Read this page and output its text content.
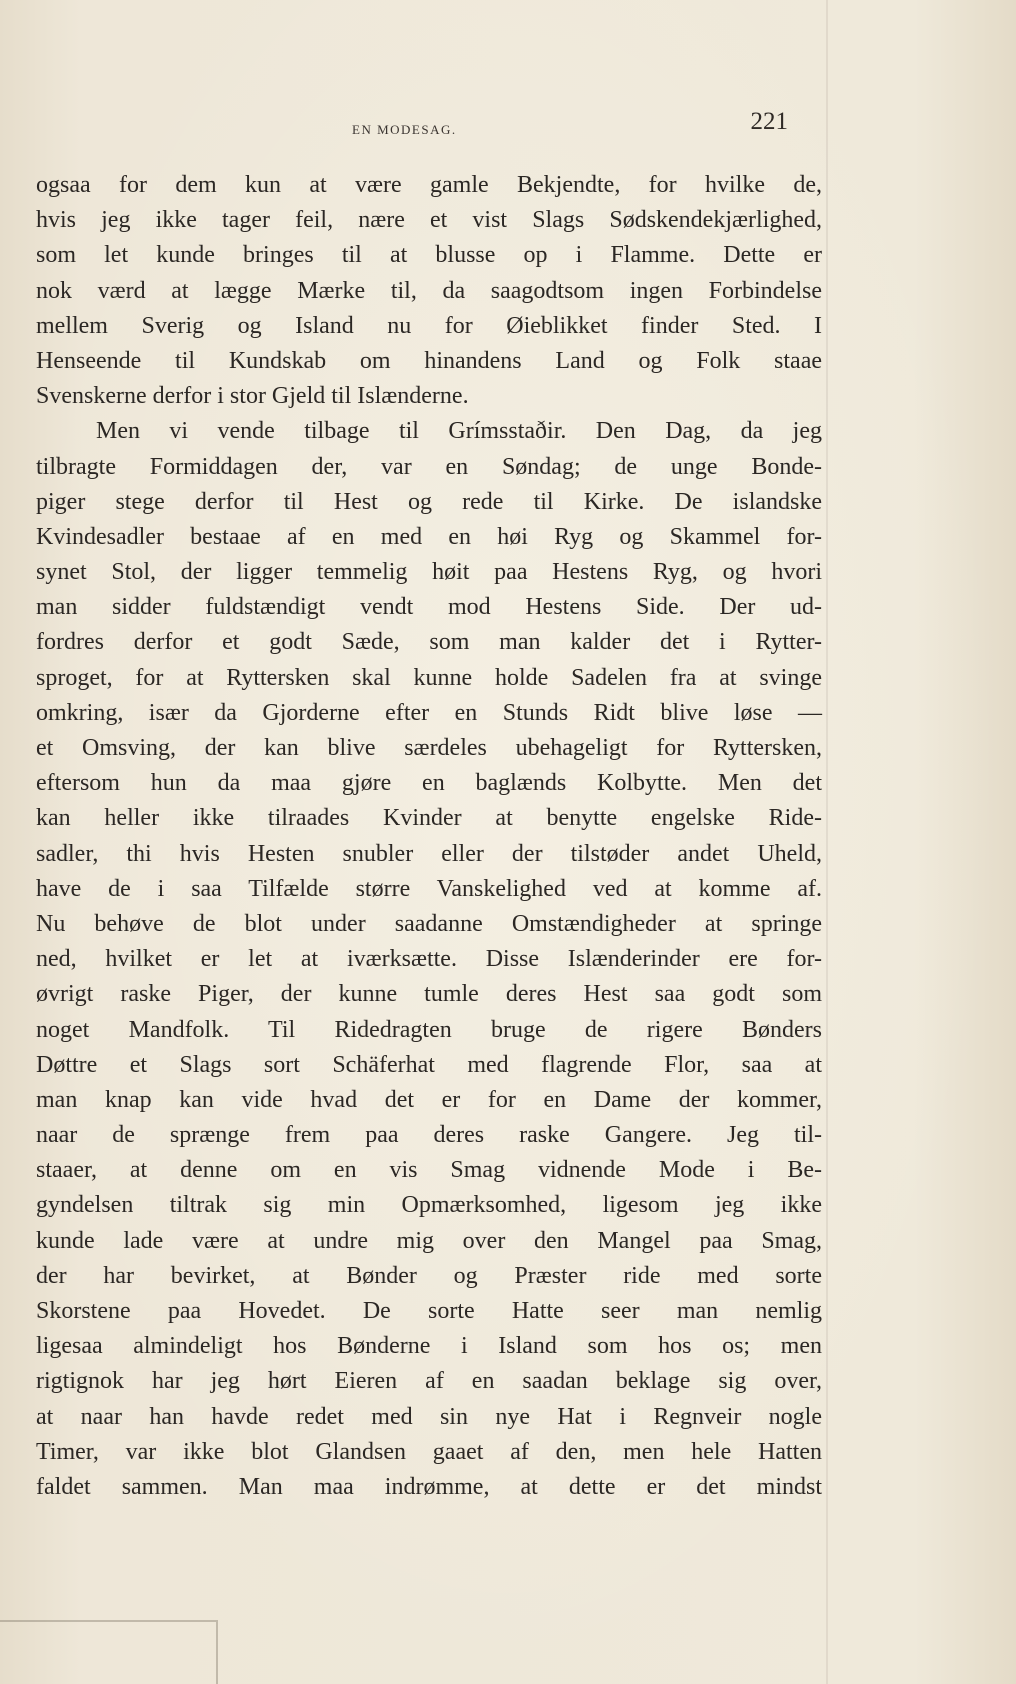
EN MODESAG.	221
ogsaa for dem kun at være gamle Bekjendte, for hvilke de,
hvis jeg ikke tager feil, nære et vist Slags Sødskendekjærlighed,
som let kunde bringes til at blusse op i Flamme. Dette er
nok værd at lægge Mærke til, da saagodtsom ingen Forbindelse
mellem Sverig og Island nu for Øieblikket finder Sted. I
Henseende til Kundskab om hinandens Land og Folk staae
Svenskerne derfor i stor Gjeld til Islænderne.
Men vi vende tilbage til Grímsstaðir. Den Dag, da jeg
tilbragte Formiddagen der, var en Søndag; de unge Bonde-
piger stege derfor til Hest og rede til Kirke. De islandske
Kvindesadler bestaae af en med en høi Ryg og Skammel for-
synet Stol, der ligger temmelig høit paa Hestens Ryg, og hvori
man sidder fuldstændigt vendt mod Hestens Side. Der ud-
fordres derfor et godt Sæde, som man kalder det i Rytter-
sproget, for at Ryttersken skal kunne holde Sadelen fra at svinge
omkring, især da Gjorderne efter en Stunds Ridt blive løse —
et Omsving, der kan blive særdeles ubehageligt for Ryttersken,
eftersom hun da maa gjøre en baglænds Kolbytte. Men det
kan heller ikke tilraades Kvinder at benytte engelske Ride-
sadler, thi hvis Hesten snubler eller der tilstøder andet Uheld,
have de i saa Tilfælde større Vanskelighed ved at komme af.
Nu behøve de blot under saadanne Omstændigheder at springe
ned, hvilket er let at iværksætte. Disse Islænderinder ere for-
øvrigt raske Piger, der kunne tumle deres Hest saa godt som
noget Mandfolk. Til Ridedragten bruge de rigere Bønders
Døttre et Slags sort Schäferhat med flagrende Flor, saa at
man knap kan vide hvad det er for en Dame der kommer,
naar de sprænge frem paa deres raske Gangere. Jeg til-
staaer, at denne om en vis Smag vidnende Mode i Be-
gyndelsen tiltrak sig min Opmærksomhed, ligesom jeg ikke
kunde lade være at undre mig over den Mangel paa Smag,
der har bevirket, at Bønder og Præster ride med sorte
Skorstene paa Hovedet. De sorte Hatte seer man nemlig
ligesaa almindeligt hos Bønderne i Island som hos os; men
rigtignok har jeg hørt Eieren af en saadan beklage sig over,
at naar han havde redet med sin nye Hat i Regnveir nogle
Timer, var ikke blot Glandsen gaaet af den, men hele Hatten
faldet sammen. Man maa indrømme, at dette er det mindst
